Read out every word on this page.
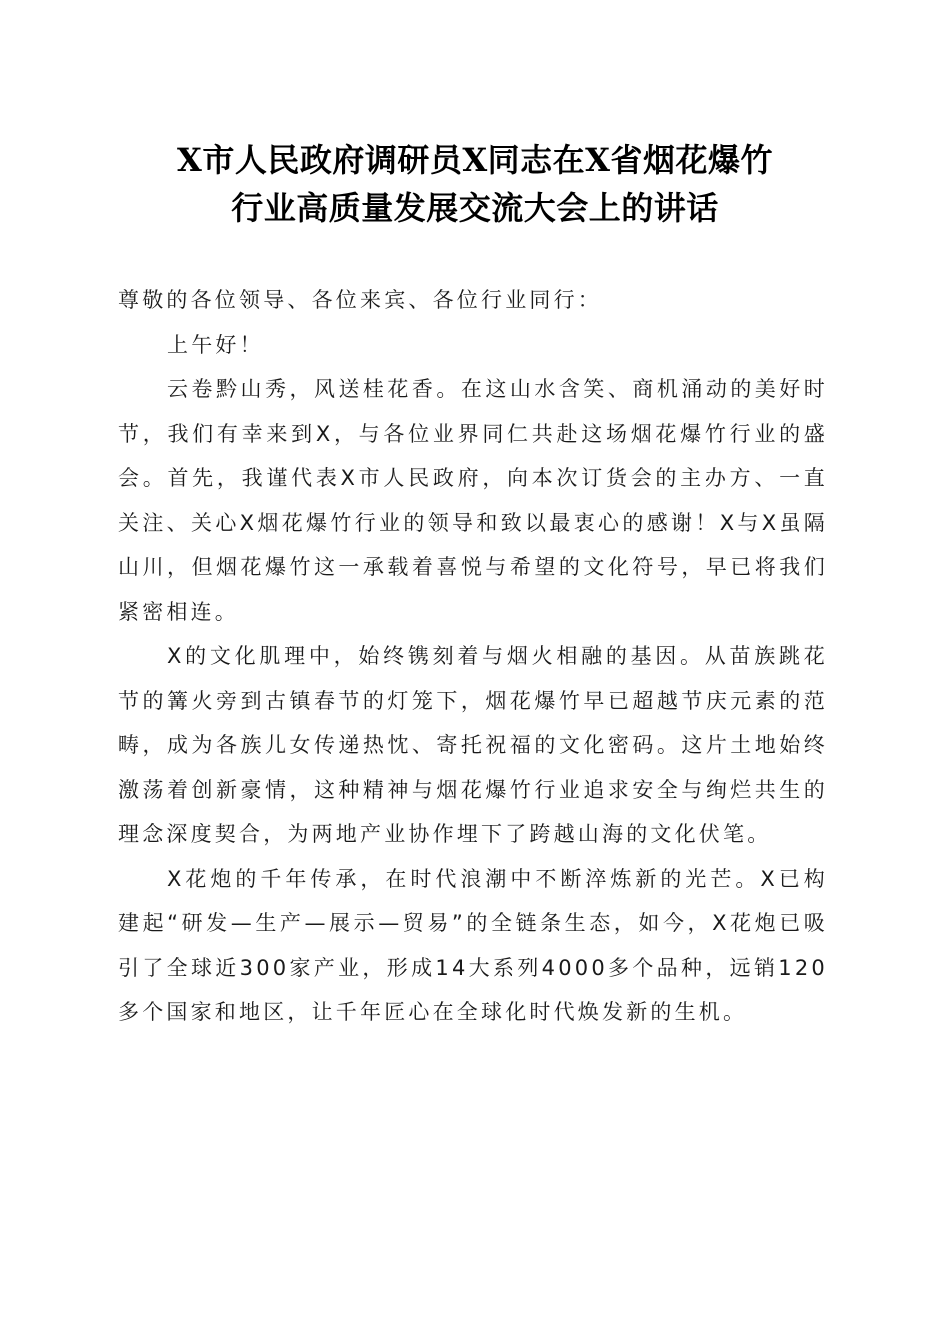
X市人民政府调研员X同志在X省烟花爆竹
行业高质量发展交流大会上的讲话

尊敬的各位领导、各位来宾、各位行业同行：

上午好！

云卷黔山秀，风送桂花香。在这山水含笑、商机涌动的美好时节，我们有幸来到X，与各位业界同仁共赴这场烟花爆竹行业的盛会。首先，我谨代表X市人民政府，向本次订货会的主办方、一直关注、关心X烟花爆竹行业的领导和致以最衷心的感谢！X与X虽隔山川，但烟花爆竹这一承载着喜悦与希望的文化符号，早已将我们紧密相连。

X的文化肌理中，始终镌刻着与烟火相融的基因。从苗族跳花节的篝火旁到古镇春节的灯笼下，烟花爆竹早已超越节庆元素的范畴，成为各族儿女传递热忱、寄托祝福的文化密码。这片土地始终激荡着创新豪情，这种精神与烟花爆竹行业追求安全与绚烂共生的理念深度契合，为两地产业协作埋下了跨越山海的文化伏笔。

X花炮的千年传承，在时代浪潮中不断淬炼新的光芒。X已构建起“研发—生产—展示—贸易”的全链条生态，如今，X花炮已吸引了全球近300家产业，形成14大系列4000多个品种，远销120多个国家和地区，让千年匠心在全球化时代焕发新的生机。
